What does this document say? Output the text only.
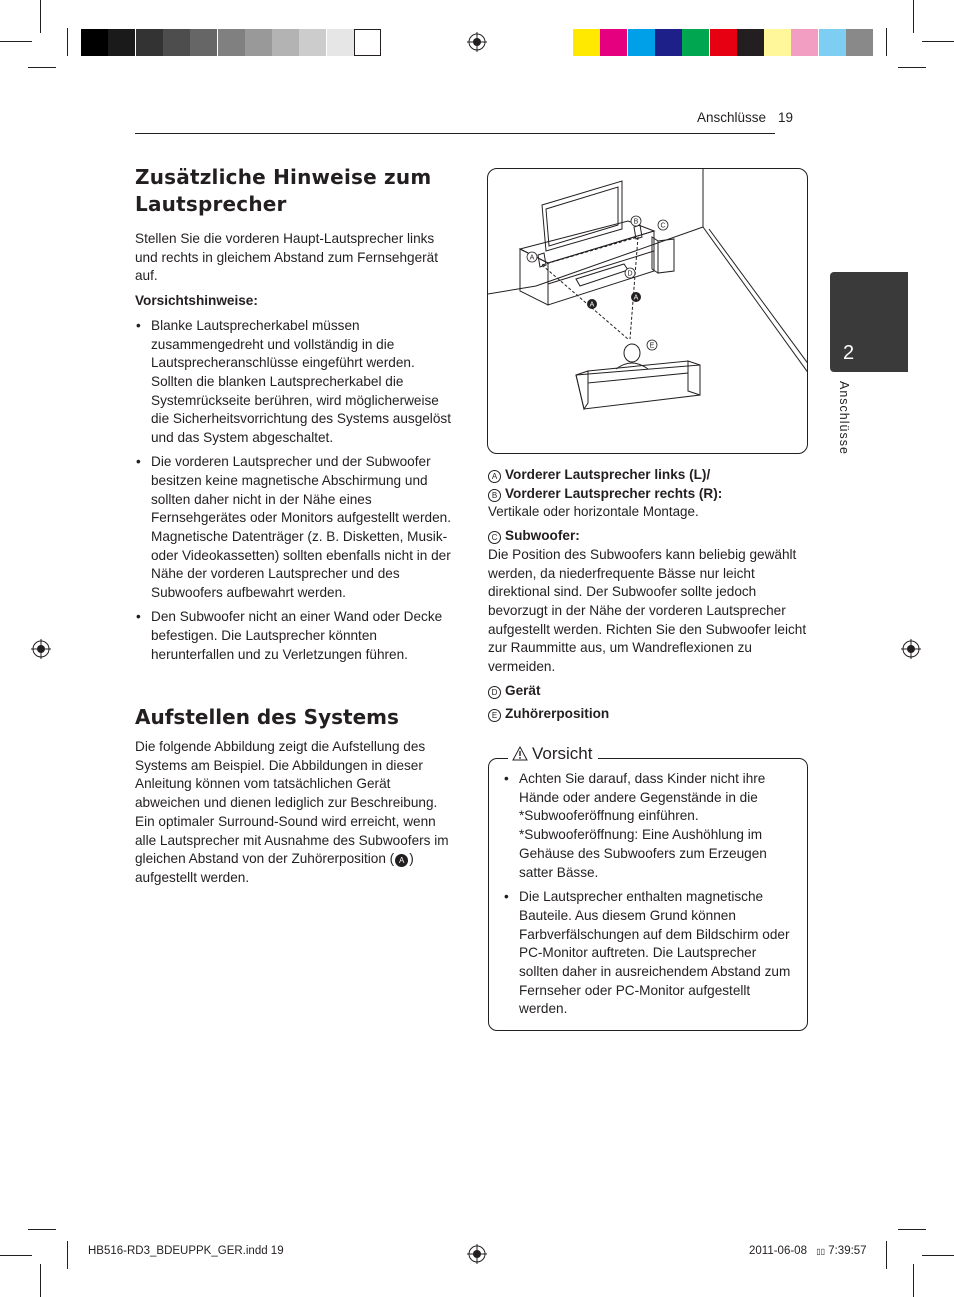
Anschlüsse 19
2
Anschlüsse
Zusätzliche Hinweise zum Lautsprecher

Stellen Sie die vorderen Haupt-Lautsprecher links und rechts in gleichem Abstand zum Fernsehgerät auf.

Vorsichtshinweise:

• Blanke Lautsprecherkabel müssen zusammengedreht und vollständig in die Lautsprecheranschlüsse eingeführt werden. Sollten die blanken Lautsprecherkabel die Systemrückseite berühren, wird möglicherweise die Sicherheitsvorrichtung des Systems ausgelöst und das System abgeschaltet.
• Die vorderen Lautsprecher und der Subwoofer besitzen keine magnetische Abschirmung und sollten daher nicht in der Nähe eines Fernsehgerätes oder Monitors aufgestellt werden. Magnetische Datenträger (z. B. Disketten, Musik- oder Videokassetten) sollten ebenfalls nicht in der Nähe der vorderen Lautsprecher und des Subwoofers aufbewahrt werden.
• Den Subwoofer nicht an einer Wand oder Decke befestigen. Die Lautsprecher könnten herunterfallen und zu Verletzungen führen.
Aufstellen des Systems
Die folgende Abbildung zeigt die Aufstellung des Systems am Beispiel. Die Abbildungen in dieser Anleitung können vom tatsächlichen Gerät abweichen und dienen lediglich zur Beschreibung. Ein optimaler Surround-Sound wird erreicht, wenn alle Lautsprecher mit Ausnahme des Subwoofers im gleichen Abstand von der Zuhörerposition ( A ) aufgestellt werden.
A
B
C
D
E
A
A
A Vorderer Lautsprecher links (L)/
B Vorderer Lautsprecher rechts (R):

Vertikale oder horizontale Montage.

C Subwoofer:

Die Position des Subwoofers kann beliebig gewählt werden, da niederfrequente Bässe nur leicht direktional sind. Der Subwoofer sollte jedoch bevorzugt in der Nähe der vorderen Lautsprecher aufgestellt werden. Richten Sie den Subwoofer leicht zur Raummitte aus, um Wandreflexionen zu vermeiden.

D Gerät
E Zuhörerposition
Vorsicht
• Achten Sie darauf, dass Kinder nicht ihre Hände oder andere Gegenstände in die *Subwooferöffnung einführen. *Subwooferöffnung: Eine Aushöhlung im Gehäuse des Subwoofers zum Erzeugen satter Bässe.
• Die Lautsprecher enthalten magnetische Bauteile. Aus diesem Grund können Farbverfälschungen auf dem Bildschirm oder PC-Monitor auftreten. Die Lautsprecher sollten daher in ausreichendem Abstand zum Fernseher oder PC-Monitor aufgestellt werden.
HB516-RD3_BDEUPPK_GER.indd 19	2011-06-08 ▯▯ 7:39:57
